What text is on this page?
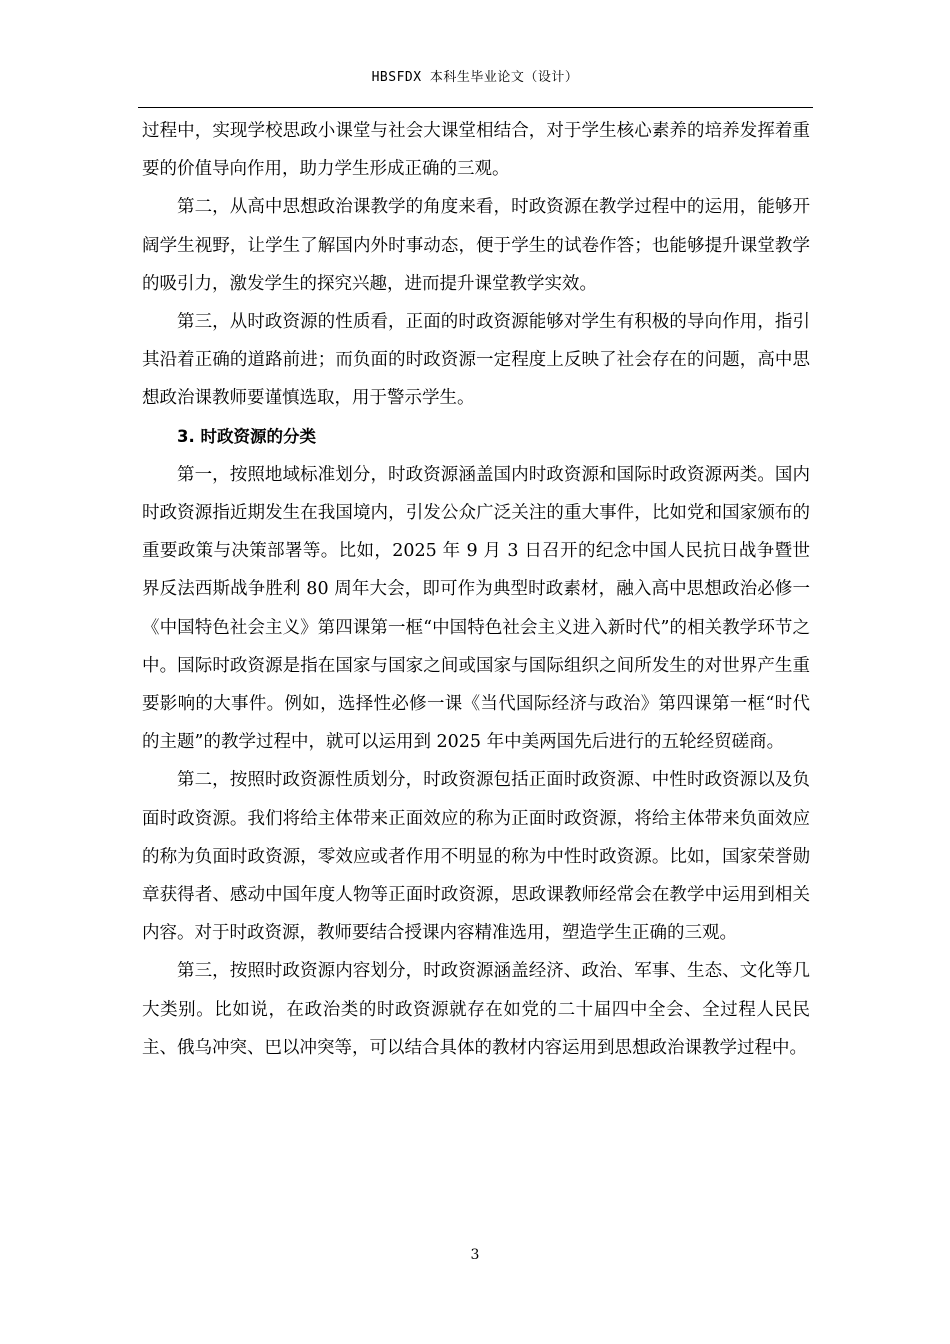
HBSFDX 本科生毕业论文（设计）

过程中，实现学校思政小课堂与社会大课堂相结合，对于学生核心素养的培养发挥着重要的价值导向作用，助力学生形成正确的三观。

第二，从高中思想政治课教学的角度来看，时政资源在教学过程中的运用，能够开阔学生视野，让学生了解国内外时事动态，便于学生的试卷作答；也能够提升课堂教学的吸引力，激发学生的探究兴趣，进而提升课堂教学实效。

第三，从时政资源的性质看，正面的时政资源能够对学生有积极的导向作用，指引其沿着正确的道路前进；而负面的时政资源一定程度上反映了社会存在的问题，高中思想政治课教师要谨慎选取，用于警示学生。

3. 时政资源的分类

第一，按照地域标准划分，时政资源涵盖国内时政资源和国际时政资源两类。国内时政资源指近期发生在我国境内，引发公众广泛关注的重大事件，比如党和国家颁布的重要政策与决策部署等。比如，2025 年 9 月 3 日召开的纪念中国人民抗日战争暨世界反法西斯战争胜利 80 周年大会，即可作为典型时政素材，融入高中思想政治必修一《中国特色社会主义》第四课第一框“中国特色社会主义进入新时代”的相关教学环节之中。国际时政资源是指在国家与国家之间或国家与国际组织之间所发生的对世界产生重要影响的大事件。例如，选择性必修一课《当代国际经济与政治》第四课第一框“时代的主题”的教学过程中，就可以运用到 2025 年中美两国先后进行的五轮经贸磋商。

第二，按照时政资源性质划分，时政资源包括正面时政资源、中性时政资源以及负面时政资源。我们将给主体带来正面效应的称为正面时政资源，将给主体带来负面效应的称为负面时政资源，零效应或者作用不明显的称为中性时政资源。比如，国家荣誉勋章获得者、感动中国年度人物等正面时政资源，思政课教师经常会在教学中运用到相关内容。对于时政资源，教师要结合授课内容精准选用，塑造学生正确的三观。

第三，按照时政资源内容划分，时政资源涵盖经济、政治、军事、生态、文化等几大类别。比如说，在政治类的时政资源就存在如党的二十届四中全会、全过程人民民主、俄乌冲突、巴以冲突等，可以结合具体的教材内容运用到思想政治课教学过程中。

3
